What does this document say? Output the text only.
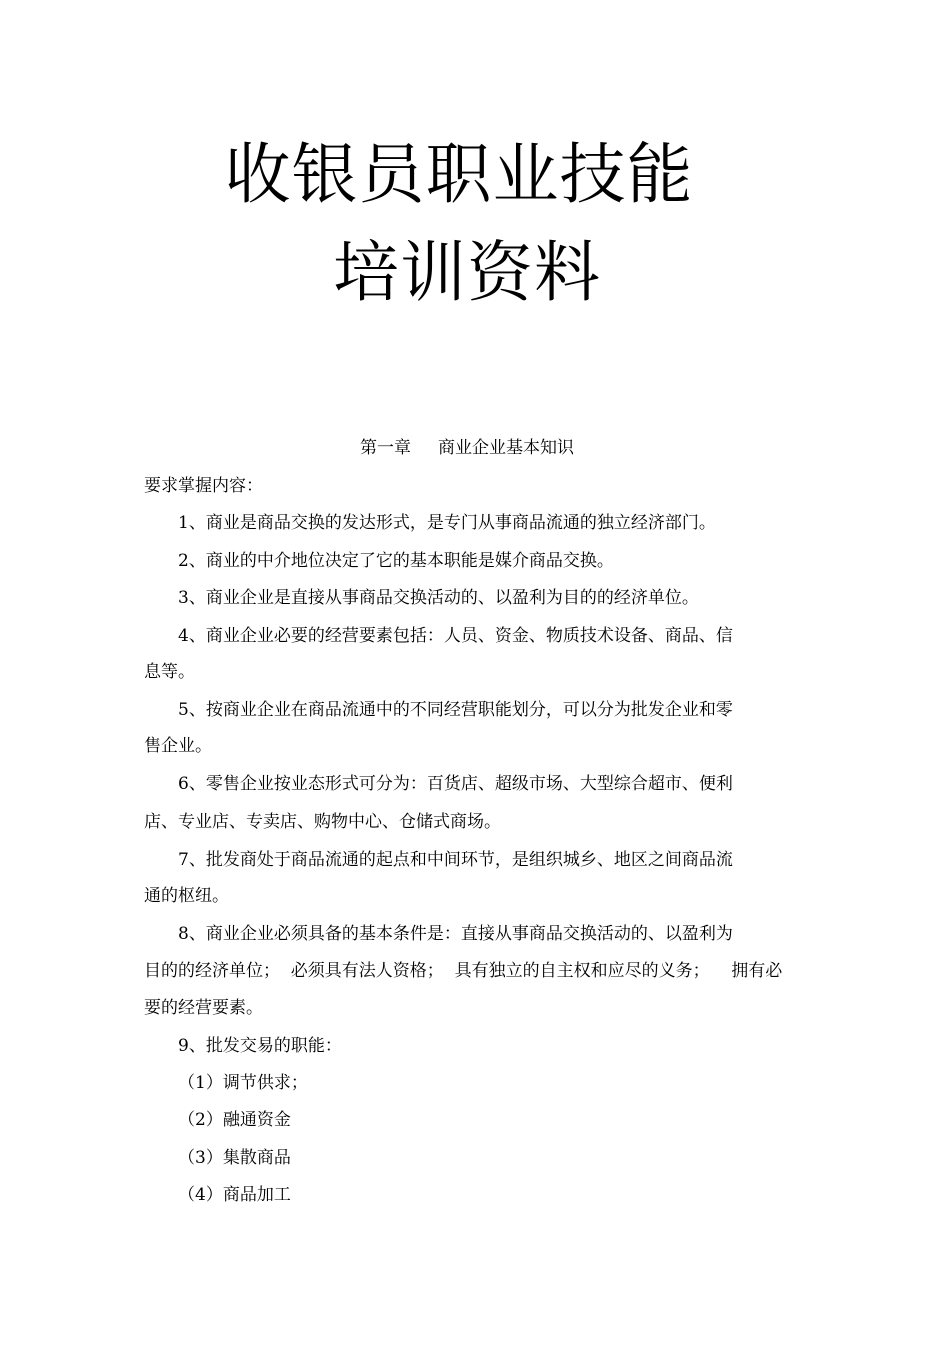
收银员职业技能
培训资料
第一章     商业企业基本知识
要求掌握内容：
1、商业是商品交换的发达形式，是专门从事商品流通的独立经济部门。
2、商业的中介地位决定了它的基本职能是媒介商品交换。
3、商业企业是直接从事商品交换活动的、以盈利为目的的经济单位。
4、商业企业必要的经营要素包括：人员、资金、物质技术设备、商品、信
息等。
5、按商业企业在商品流通中的不同经营职能划分，可以分为批发企业和零
售企业。
6、零售企业按业态形式可分为：百货店、超级市场、大型综合超市、便利
店、专业店、专卖店、购物中心、仓储式商场。
7、批发商处于商品流通的起点和中间环节，是组织城乡、地区之间商品流
通的枢纽。
8、商业企业必须具备的基本条件是：直接从事商品交换活动的、以盈利为
目的的经济单位；  必须具有法人资格；  具有独立的自主权和应尽的义务；    拥有必
要的经营要素。
9、批发交易的职能：
（1）调节供求；
（2）融通资金
（3）集散商品
（4）商品加工
